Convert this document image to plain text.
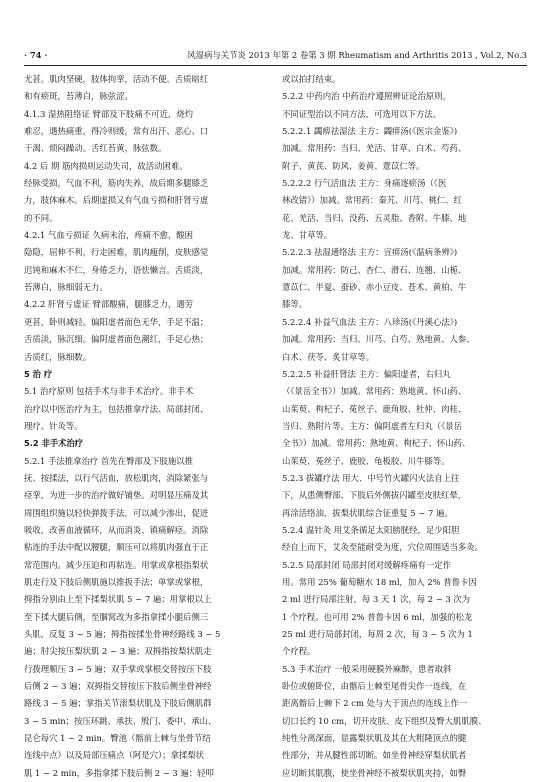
· 74 ·	风湿病与关节炎 2013 年第 2 卷第 3 期 Rheumatism and Arthritis 2013 , Vol.2, No.3
尤甚。肌肉坚硬，肢体拘挛，活动不便。舌质暗红
和有瘀斑，苔薄白，脉弦涩。
4.1.3 湿热阻络证 臂部及下肢痛不可近，烧灼
难忍，遇热痛重，得冷则缓，常有出汗、恶心、口
干渴、烦闷躁动。舌红苔黄，脉弦数。
4.2 后 期 筋肉损则运动失司，故活动困难。
经脉受损，气血不利，筋肉失养，故后期多腿膝乏
力，肢体麻木。后期虚损又有气血亏损和肝肾亏虚
的不同。
4.2.1 气血亏损证 久病未治，疼痛不愈，酸困
隐隐，屈伸不利，行走困难，肌肉瘦削，皮肤感觉
迟钝和麻木不仁，身倦乏力，语怯懒言。舌质淡，
苔薄白，脉细弱无力。
4.2.2 肝肾亏虚证 臂部酸痛，腿膝乏力，遇劳
更甚，卧则减轻。偏阳虚者面色无华，手足不温；
舌质淡，脉沉细。偏阴虚者面色潮红，手足心热；
舌质红，脉细数。
5 治 疗
5.1 治疗原则 包括手术与非手术治疗。非手术
治疗以中医治疗为主，包括推拿疗法、局部封闭、
理疗、针灸等。
5.2 非手术治疗
5.2.1 手法推拿治疗 首先在臀部及下肢施以推
抚、按揉法，以行气活血，放松肌肉，消除紧张与
痉挛，为进一步的治疗做好铺垫。对明显压痛及其
周围组织施以轻快弹拨手法，可以减少渗出，促进
吸收，改善血液循环，从而消炎、镇痛解痉。消除
粘连的手法中配以腰腿，顺压可以将肌肉强直于正
常范围内。减少压迫和再粘连。用掌或拿根指梨状
肌走行及下肢后侧肌施以推扳手法；单掌或掌根，
拇指分别由上至下揉梨状肌 5 ~ 7 遍；用掌根以上
至下揉大腿后侧，至腘窝改为多指拿揉小腿后侧三
头肌，反复 3 ~ 5 遍；拇指按揉坐骨神经路线 3 ~ 5
遍；肘尖按压梨状肌 2 ~ 3 遍；双拇指按梨状肌走
行拨理顺压 3 ~ 5 遍；双手掌或掌根交替按压下肢
后侧 2 ~ 3 遍；双拇指交替按压下肢后侧坐骨神经
路线 3 ~ 5 遍；掌指关节滚梨状肌及下肢后侧肌群
3 ~ 5 min；按压环跳、承扶、殷门、委中、承山、
昆仑每穴 1 ~ 2 min。臀池（髂前上棘与坐骨节结
连线中点）以及局部压痛点（阿是穴）；拿揉梨状
肌 1 ~ 2 min，多指拿揉下肢后侧 2 ~ 3 遍；轻叩
或以拍打结束。
5.2.2 中药内治 中药治疗遵照辨证论治原则，
不同证型治以不同方法，可选用以下方法。
5.2.2.1 蠲痹祛湿法 主方：蠲痹汤(《医宗金鉴》)
加减。常用药：当归、羌活、甘草、白术、芍药、
附子、黄芪、防风、姜黄、薏苡仁等。
5.2.2.2 行气活血法 主方：身痛逐瘀汤（《医
林改错》）加减。常用药：秦艽、川芎、桃仁、红
花、羌活、当归、没药、五灵脂、香附、牛膝、地
龙、甘草等。
5.2.2.3 祛湿通络法 主方：宣痹汤(《温病条辨》)
加减。常用药：防己、杏仁、滑石、连翘、山栀、
薏苡仁、半夏、蚕砂、赤小豆皮、苍术、黄柏、牛
膝等。
5.2.2.4 补益气血法 主方：八珍汤(《丹溪心法》)
加减。常用药：当归、川芎、白芍、熟地黄、人参、
白术、茯苓、炙甘草等。
5.2.2.5 补益肝肾法 主方：偏阳虚者，右归丸
（《景岳全书》）加减。常用药：熟地黄、怀山药、
山茱萸、枸杞子、菟丝子、鹿角胶、杜仲、肉桂、
当归、熟附片等。主方：偏阴虚者左归丸（《景岳
全书》）加减。常用药：熟地黄、枸杞子、怀山药、
山茱萸、菟丝子、鹿胶、龟板胶、川牛膝等。
5.2.3 拔罐疗法 用大、中号竹火罐闪火法自上往
下，从患侧臀部、下肢后外侧拔闪罐至皮肤红晕，
再涂活络油，拔梨状肌综合征重复 5 ~ 7 遍。
5.2.4 温针灸 用艾条循足太阳膀胱经，足少阳胆
经自上而下，艾灸至能耐受为度，穴位周围适当多灸。
5.2.5 局部封闭 局部封闭对缓解疼痛有一定作
用。常用 25% 葡萄糖水 18 ml，加入 2% 普鲁卡因
2 ml 进行局部注射，每 3 天 1 次，每 2 ~ 3 次为
1 个疗程。也可用 2% 普鲁卡因 6 ml，加强的松龙
25 ml 进行局部封闭，每周 2 次，每 3 ~ 5 次为 1
个疗程。
5.3 手术治疗 一般采用硬膜外麻醉，患者取斜
卧位或俯卧位，由髂后上棘至尾骨尖作一连线，在
距离髂后上棘下 2 cm 处与大于顶点的连线上作一
切口长约 10 cm，切开皮肤、皮下组织及臀大肌肌膜、
纯性分离深面，显露梨状肌及其在大粗隆顶点的腱
性部分，并从腱性部切断。如坐骨神经穿梨状肌者
应切断其肌腹，使坐骨神经不被梨状肌夹持，如臀
